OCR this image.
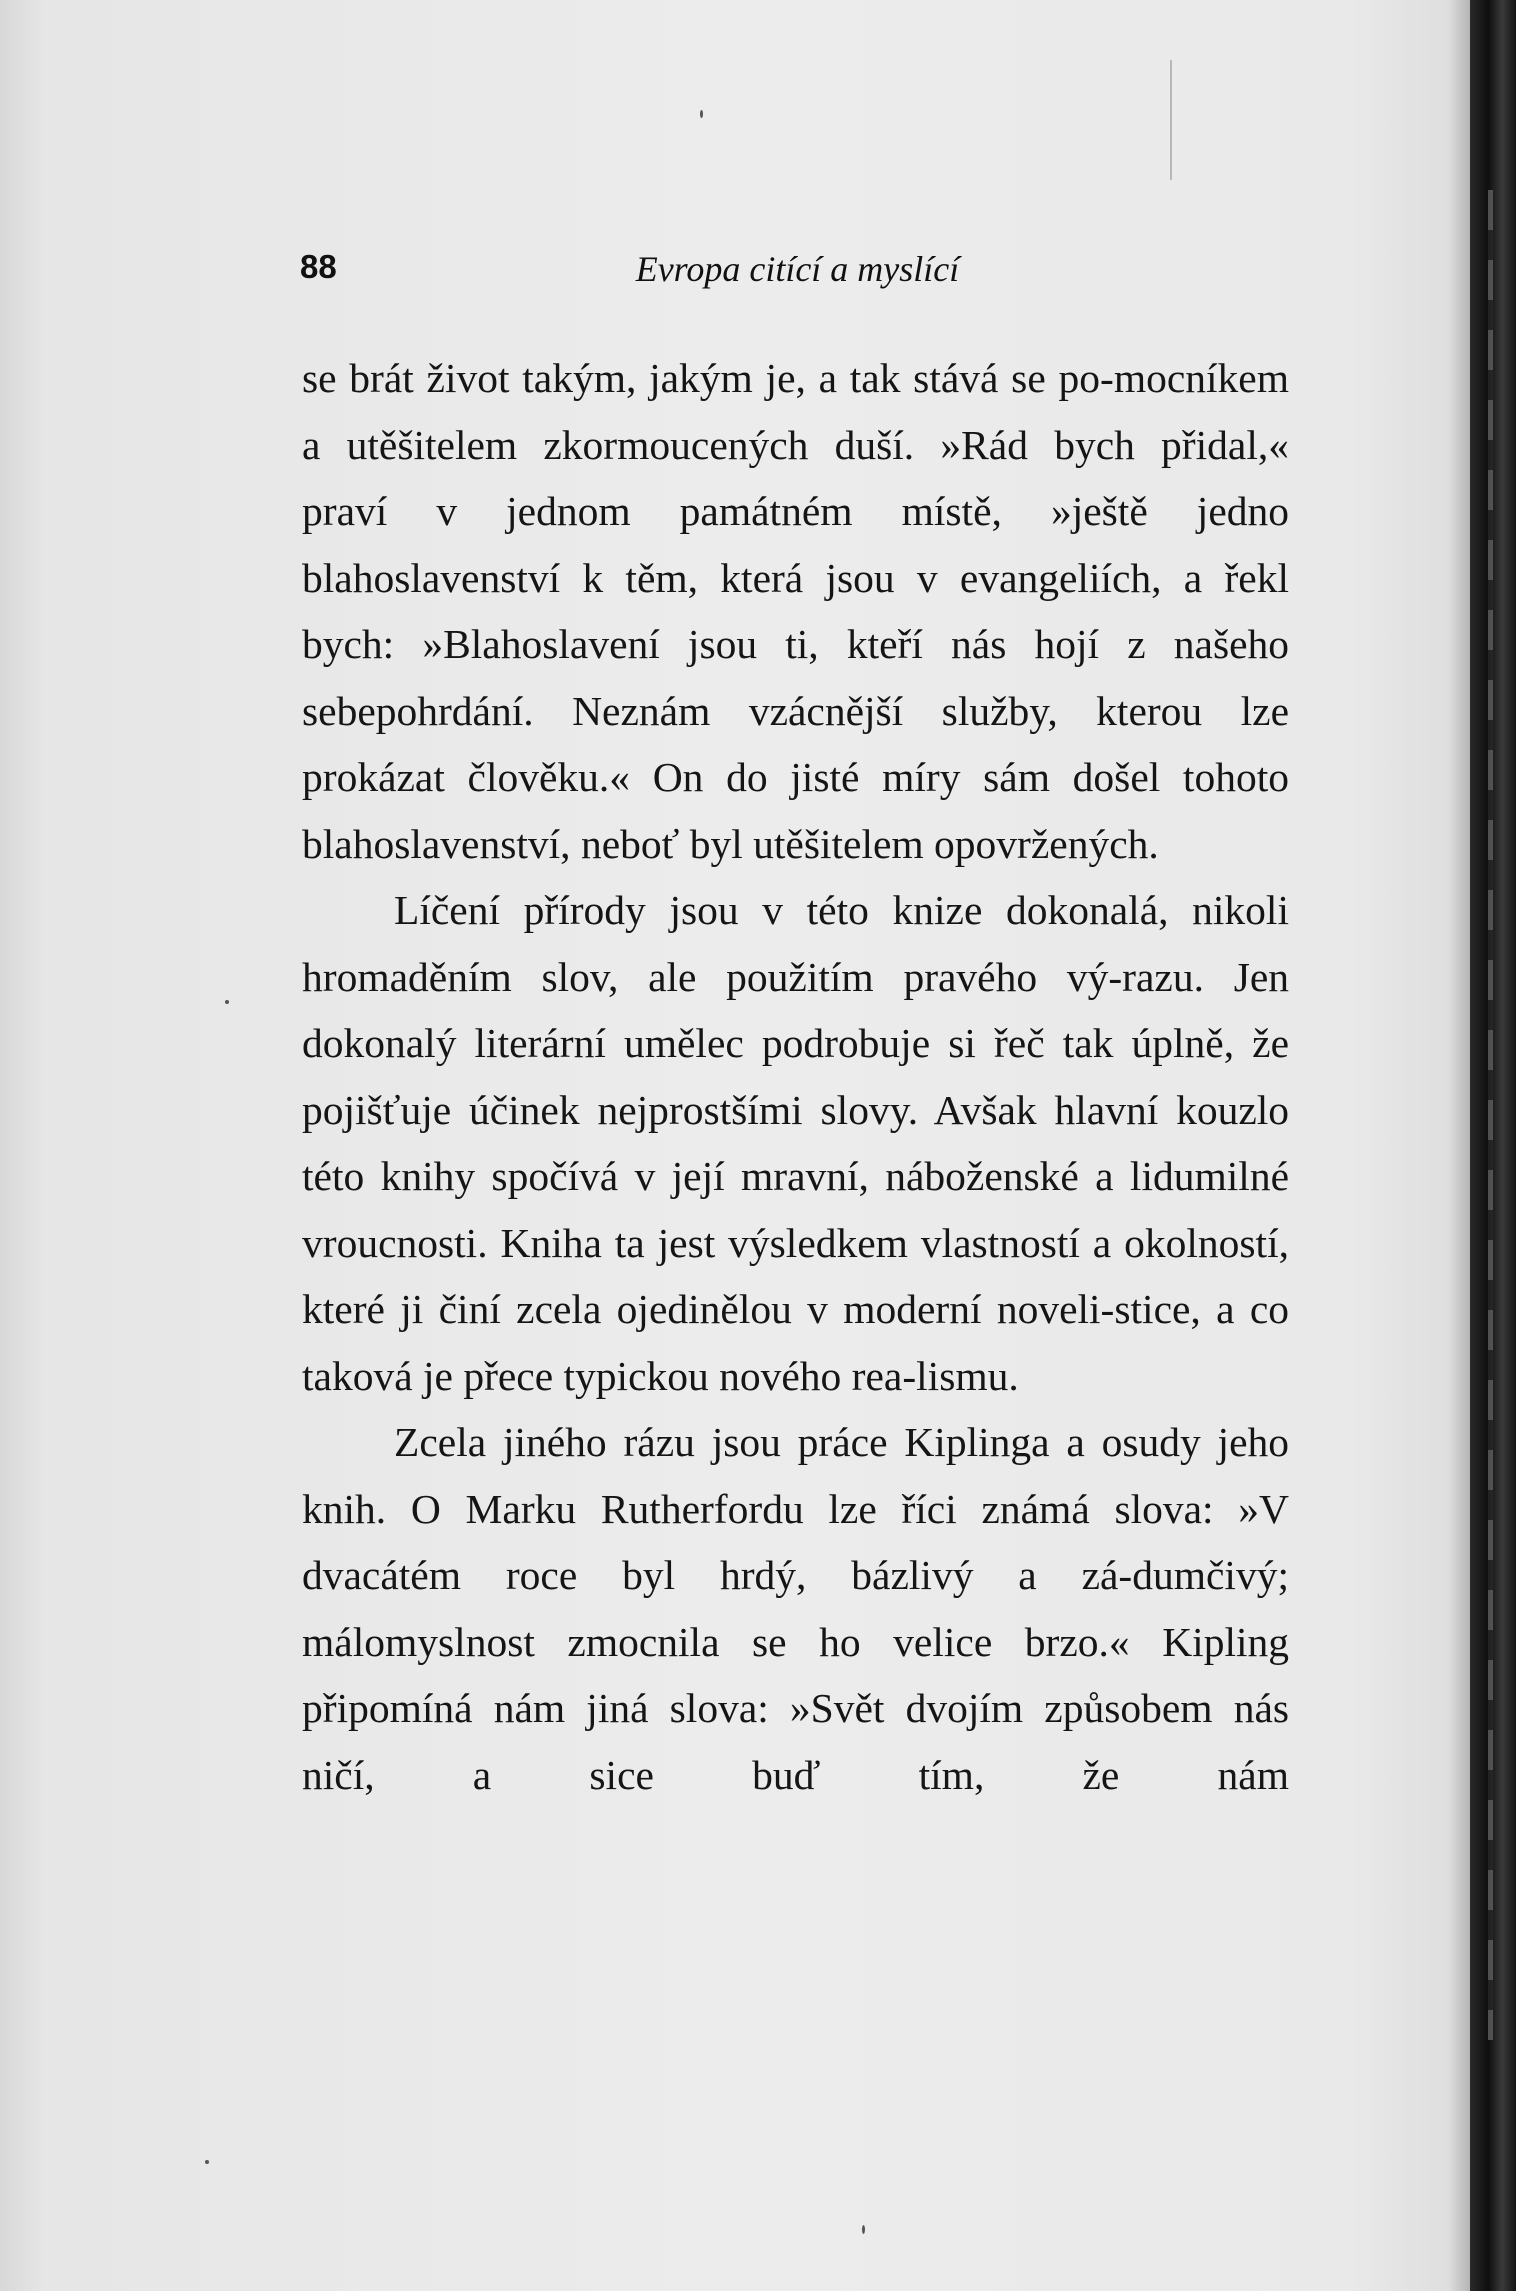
88	Evropa citící a myslící

se brát život takým, jakým je, a tak stává se po-mocníkem a utěšitelem zkormoucených duší. »Rád bych přidal,« praví v jednom památném místě, »ještě jedno blahoslavenství k těm, která jsou v evangeliích, a řekl bych: »Blahoslavení jsou ti, kteří nás hojí z našeho sebepohrdání. Neznám vzácnější služby, kterou lze prokázat člověku.« On do jisté míry sám došel tohoto blahoslavenství, neboť byl utěšitelem opovržených.

Líčení přírody jsou v této knize dokonalá, nikoli hromaděním slov, ale použitím pravého vý-razu. Jen dokonalý literární umělec podrobuje si řeč tak úplně, že pojišťuje účinek nejprostšími slovy. Avšak hlavní kouzlo této knihy spočívá v její mravní, náboženské a lidumilné vroucnosti. Kniha ta jest výsledkem vlastností a okolností, které ji činí zcela ojedinělou v moderní noveli-stice, a co taková je přece typickou nového rea-lismu.

Zcela jiného rázu jsou práce Kiplinga a osudy jeho knih. O Marku Rutherfordu lze říci známá slova: »V dvacátém roce byl hrdý, bázlivý a zá-dumčivý; málomyslnost zmocnila se ho velice brzo.« Kipling připomíná nám jiná slova: »Svět dvojím způsobem nás ničí, a sice buď tím, že nám
